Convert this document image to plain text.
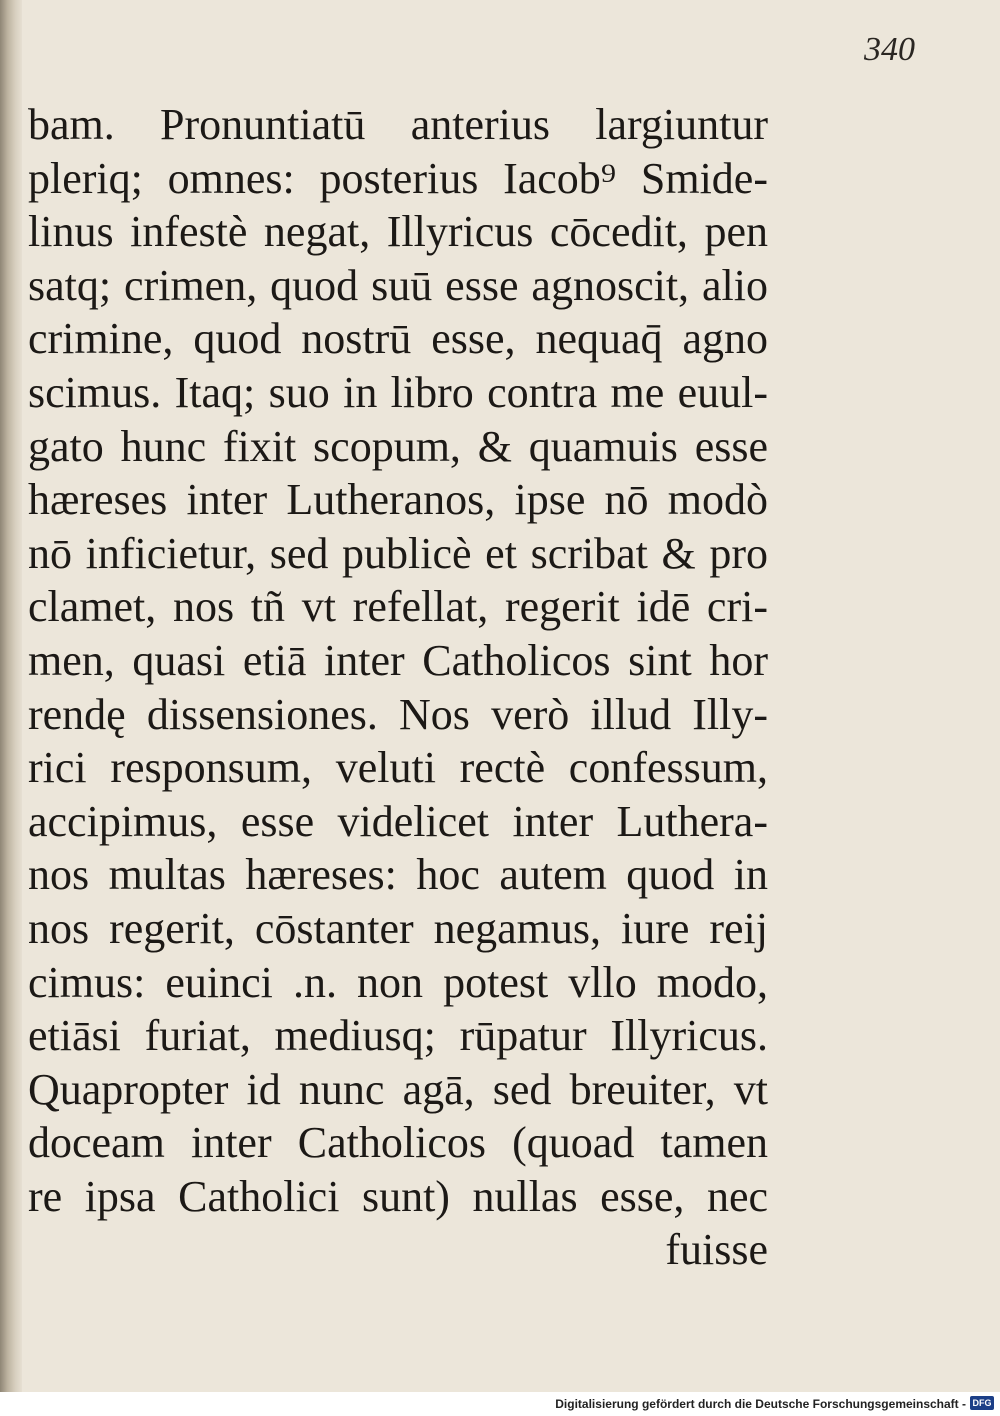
340
bam. Pronuntiatū anterius largiuntur
pleriq; omnes: posterius Iacob⁹ Smide-
linus infestè negat, Illyricus cōcedit, pen
satq; crimen, quod suū esse agnoscit, alio
crimine, quod nostrū esse, nequaq̄ agno
scimus. Itaq; suo in libro contra me euul-
gato hunc fixit scopum, & quamuis esse
hæreses inter Lutheranos, ipse nō modò
nō inficietur, sed publicè et scribat & pro
clamet, nos tñ vt refellat, regerit idē cri-
men, quasi etiā inter Catholicos sint hor
rendę dissensiones. Nos verò illud Illy-
rici responsum, veluti rectè confessum,
accipimus, esse videlicet inter Luthera-
nos multas hæreses: hoc autem quod in
nos regerit, cōstanter negamus, iure reij
cimus: euinci .n. non potest vllo modo,
etiāsi furiat, mediusq; rūpatur Illyricus.
Quapropter id nunc agā, sed breuiter, vt
doceam inter Catholicos (quoad tamen
re ipsa Catholici sunt) nullas esse, nec
fuisse
Digitalisierung gefördert durch die Deutsche Forschungsgemeinschaft - DFG
